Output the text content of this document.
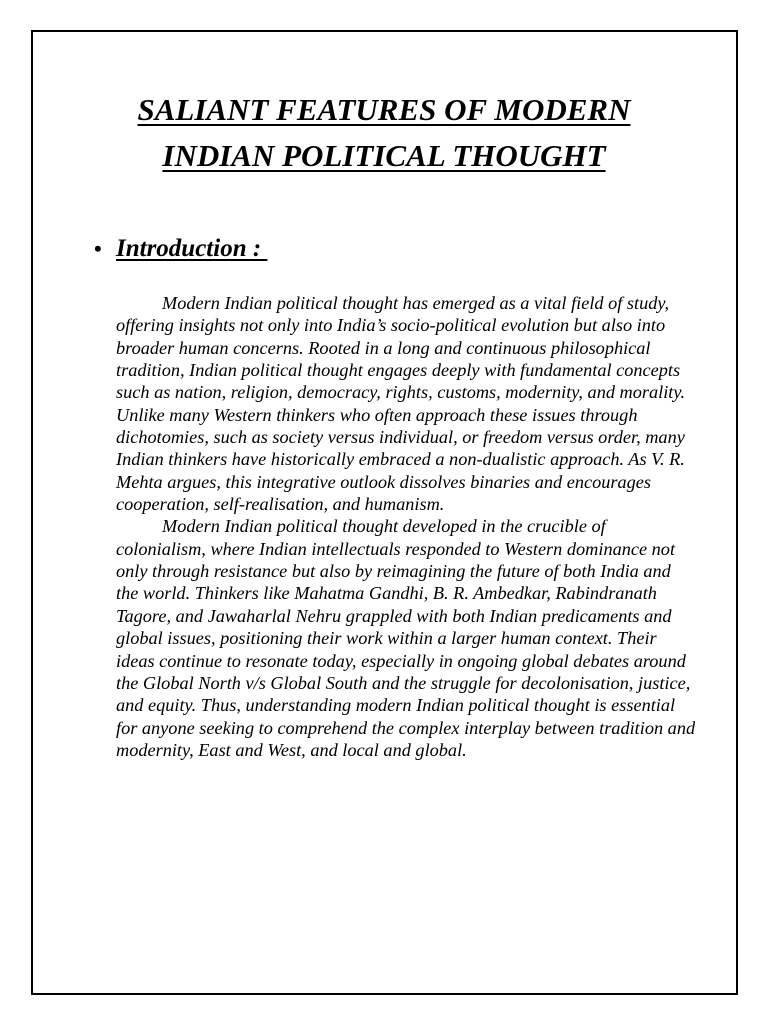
SALIANT FEATURES OF MODERN
INDIAN POLITICAL THOUGHT
• Introduction :

Modern Indian political thought has emerged as a vital field of study, offering insights not only into India’s socio-political evolution but also into broader human concerns. Rooted in a long and continuous philosophical tradition, Indian political thought engages deeply with fundamental concepts such as nation, religion, democracy, rights, customs, modernity, and morality. Unlike many Western thinkers who often approach these issues through dichotomies, such as society versus individual, or freedom versus order, many Indian thinkers have historically embraced a non-dualistic approach. As V. R. Mehta argues, this integrative outlook dissolves binaries and encourages cooperation, self-realisation, and humanism.

Modern Indian political thought developed in the crucible of colonialism, where Indian intellectuals responded to Western dominance not only through resistance but also by reimagining the future of both India and the world. Thinkers like Mahatma Gandhi, B. R. Ambedkar, Rabindranath Tagore, and Jawaharlal Nehru grappled with both Indian predicaments and global issues, positioning their work within a larger human context. Their ideas continue to resonate today, especially in ongoing global debates around the Global North v/s Global South and the struggle for decolonisation, justice, and equity. Thus, understanding modern Indian political thought is essential for anyone seeking to comprehend the complex interplay between tradition and modernity, East and West, and local and global.
